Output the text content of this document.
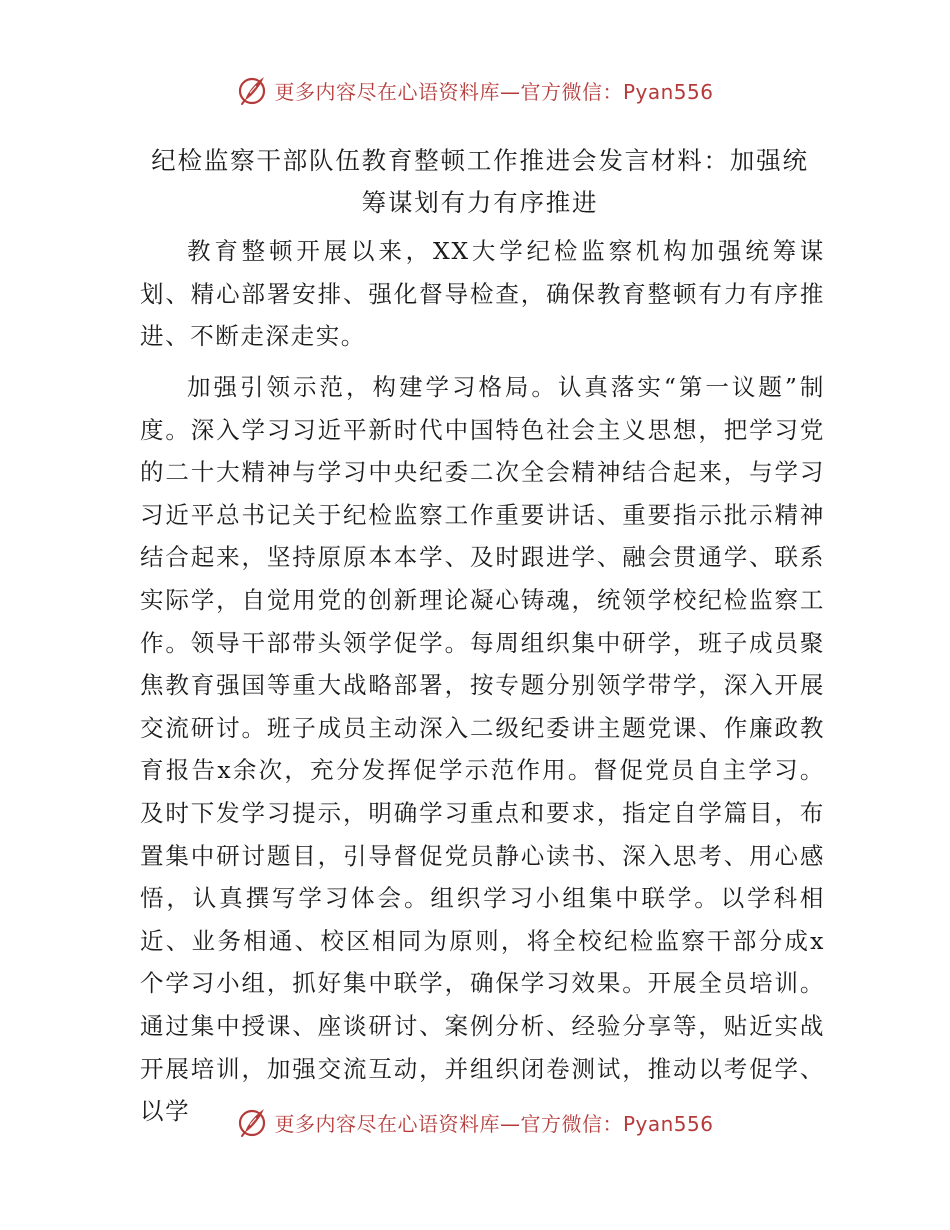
更多内容尽在心语资料库—官方微信：Pyan556
纪检监察干部队伍教育整顿工作推进会发言材料：加强统筹谋划有力有序推进

教育整顿开展以来，XX大学纪检监察机构加强统筹谋划、精心部署安排、强化督导检查，确保教育整顿有力有序推进、不断走深走实。

加强引领示范，构建学习格局。认真落实“第一议题”制度。深入学习习近平新时代中国特色社会主义思想，把学习党的二十大精神与学习中央纪委二次全会精神结合起来，与学习习近平总书记关于纪检监察工作重要讲话、重要指示批示精神结合起来，坚持原原本本学、及时跟进学、融会贯通学、联系实际学，自觉用党的创新理论凝心铸魂，统领学校纪检监察工作。领导干部带头领学促学。每周组织集中研学，班子成员聚焦教育强国等重大战略部署，按专题分别领学带学，深入开展交流研讨。班子成员主动深入二级纪委讲主题党课、作廉政教育报告x余次，充分发挥促学示范作用。督促党员自主学习。及时下发学习提示，明确学习重点和要求，指定自学篇目，布置集中研讨题目，引导督促党员静心读书、深入思考、用心感悟，认真撰写学习体会。组织学习小组集中联学。以学科相近、业务相通、校区相同为原则，将全校纪检监察干部分成x个学习小组，抓好集中联学，确保学习效果。开展全员培训。通过集中授课、座谈研讨、案例分析、经验分享等，贴近实战开展培训，加强交流互动，并组织闭卷测试，推动以考促学、以学	更多内容尽在心语资料库—官方微信：Pyan556
